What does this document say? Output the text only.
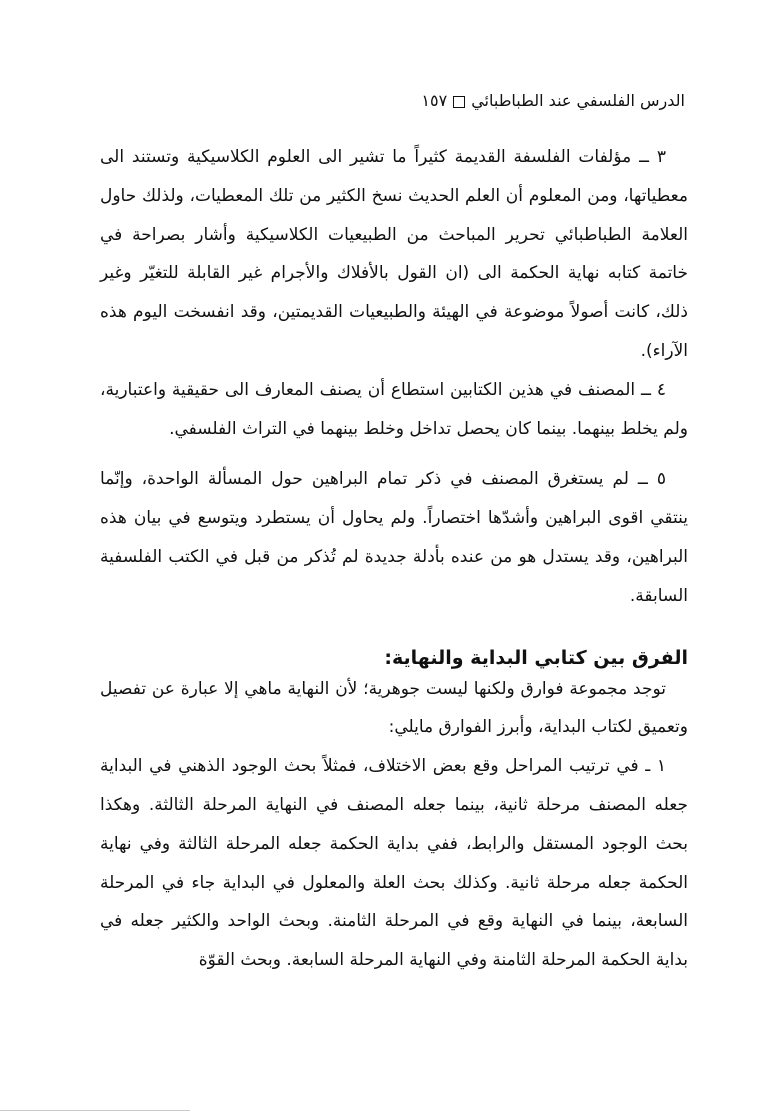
الدرس الفلسفي عند الطباطبائي١٥٧

٣ ــ مؤلفات الفلسفة القديمة كثيراً ما تشير الى العلوم الكلاسيكية وتستند الى معطياتها، ومن المعلوم أن العلم الحديث نسخ الكثير من تلك المعطيات، ولذلك حاول العلامة الطباطبائي تحرير المباحث من الطبيعيات الكلاسيكية وأشار بصراحة في خاتمة كتابه نهاية الحكمة الى (ان القول بالأفلاك والأجرام غير القابلة للتغيّر وغير ذلك، كانت أصولاً موضوعة في الهيئة والطبيعيات القديمتين، وقد انفسخت اليوم هذه الآراء).

٤ ــ المصنف في هذين الكتابين استطاع أن يصنف المعارف الى حقيقية واعتبارية، ولم يخلط بينهما. بينما كان يحصل تداخل وخلط بينهما في التراث الفلسفي.

٥ ــ لم يستغرق المصنف في ذكر تمام البراهين حول المسألة الواحدة، وإنّما ينتقي اقوى البراهين وأشدّها اختصاراً. ولم يحاول أن يستطرد ويتوسع في بيان هذه البراهين، وقد يستدل هو من عنده بأدلة جديدة لم تُذكر من قبل في الكتب الفلسفية السابقة.

الفرق بين كتابي البداية والنهاية:

توجد مجموعة فوارق ولكنها ليست جوهرية؛ لأن النهاية ماهي إلا عبارة عن تفصيل وتعميق لكتاب البداية، وأبرز الفوارق مايلي:

١ ـ في ترتيب المراحل وقع بعض الاختلاف، فمثلاً بحث الوجود الذهني في البداية جعله المصنف مرحلة ثانية، بينما جعله المصنف في النهاية المرحلة الثالثة. وهكذا بحث الوجود المستقل والرابط، ففي بداية الحكمة جعله المرحلة الثالثة وفي نهاية الحكمة جعله مرحلة ثانية. وكذلك بحث العلة والمعلول في البداية جاء في المرحلة السابعة، بينما في النهاية وقع في المرحلة الثامنة. وبحث الواحد والكثير جعله في بداية الحكمة المرحلة الثامنة وفي النهاية المرحلة السابعة. وبحث القوّة
